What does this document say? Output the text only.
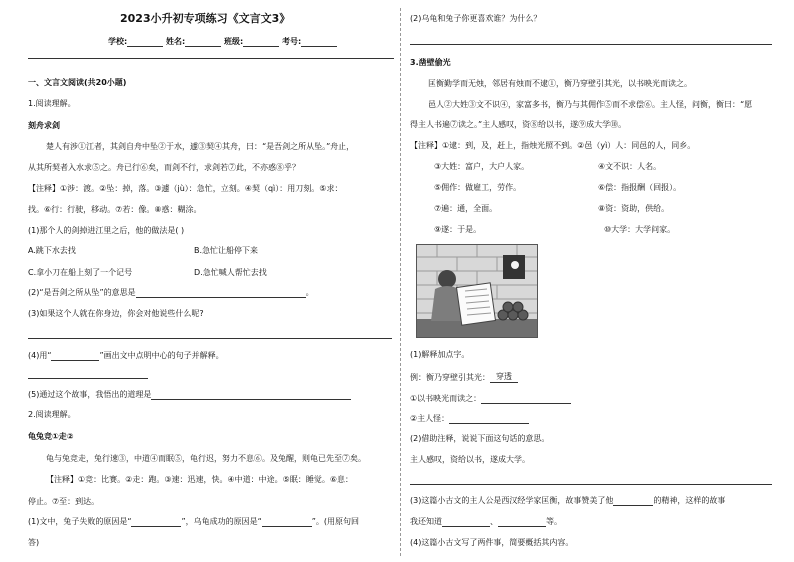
2023小升初专项练习《文言文3》
学校:	姓名:	班级:	考号:
一、文言文阅读(共20小题)
1.阅读理解。
刻舟求剑
楚人有涉①江者，其剑自舟中坠②于水，遽③契④其舟，曰：“是吾剑之所从坠。”舟止，
从其所契者入水求⑤之。舟已行⑥矣，而剑不行，求剑若⑦此，不亦惑⑧乎？
【注释】①涉：渡。②坠：掉，落。③遽（jù）：急忙，立刻。④契（qì）：用刀刻。⑤求：
找。⑥行：行驶，移动。⑦若：像。⑧惑：糊涂。
(1)那个人的剑掉进江里之后，他的做法是( )
A.跳下水去找	B.急忙让船停下来
C.拿小刀在船上刻了一个记号	D.急忙喊人帮忙去找
(2)“是吾剑之所从坠”的意思是	。
(3)如果这个人就在你身边，你会对他说些什么呢?
(4)用“	”画出文中点明中心的句子并解释。
(5)通过这个故事，我悟出的道理是
2.阅读理解。
龟兔竞①走②
龟与兔竞走，兔行速③，中道④而眠⑤，龟行迟，努力不息⑥。及兔醒，则龟已先至⑦矣。
【注释】①竞：比赛。②走：跑。③速：迅速，快。④中道：中途。⑤眠：睡觉。⑥息：
停止。⑦至：到达。
(1)文中，兔子失败的原因是“	”，乌龟成功的原因是“	”。(用原句回
答)
(2)乌龟和兔子你更喜欢谁？为什么？
3.凿壁偷光
匡衡勤学而无烛，邻居有烛而不逮①，衡乃穿壁引其光，以书映光而读之。
邑人②大姓③文不识④，家富多书，衡乃与其佣作⑤而不求偿⑥。主人怪，问衡，衡曰：“愿
得主人书遍⑦读之。”主人感叹，资⑧给以书，遂⑨成大学⑩。
【注释】①逮：到，及，赶上，指烛光照不到。②邑（yì）人：同邑的人，同乡。
③大姓：富户，大户人家。	④文不识：人名。
⑤佣作：做雇工，劳作。	⑥偿：指报酬（回报）。
⑦遍：通，全面。	⑧资：资助，供给。
⑨遂：于是。	⑩大学：大学问家。
(1)解释加点字。
例：衡乃穿壁引其光： 穿透
①以书映光而读之：
②主人怪：
(2)借助注释，说说下面这句话的意思。
主人感叹，资给以书，遂成大学。
(3)这篇小古文的主人公是西汉经学家匡衡，故事赞美了他	的精神，这样的故事
我还知道	、	等。
(4)这篇小古文写了两件事，简要概括其内容。
